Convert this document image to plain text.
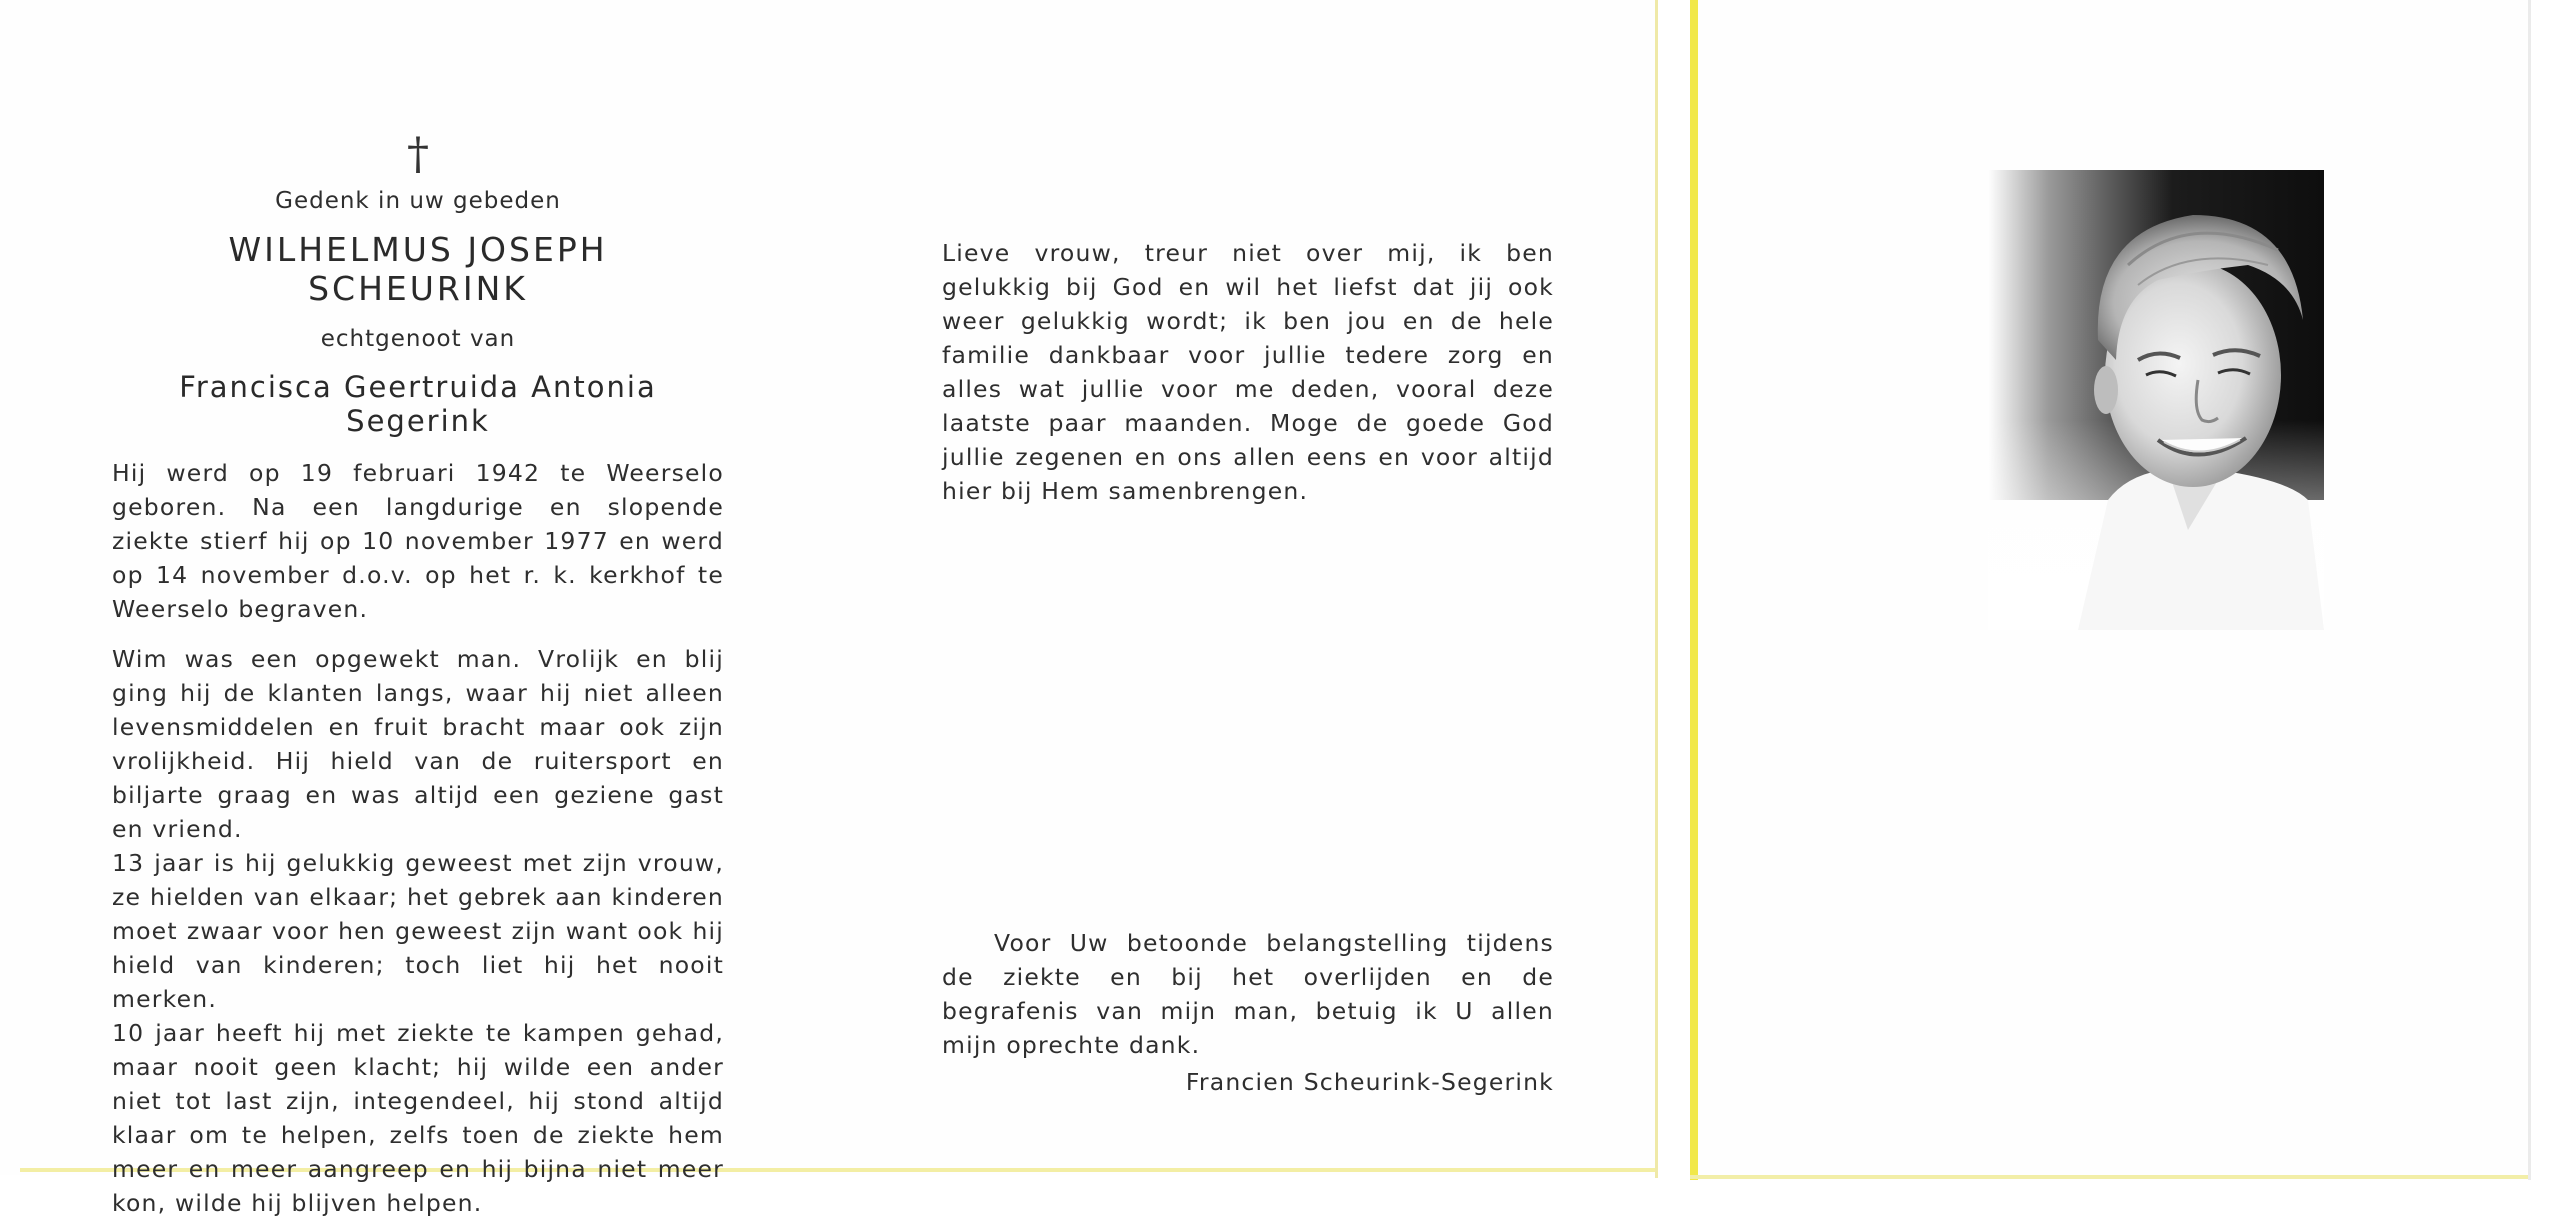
†
Gedenk in uw gebeden
WILHELMUS JOSEPH SCHEURINK
echtgenoot van
Francisca Geertruida Antonia Segerink

Hij werd op 19 februari 1942 te Weerselo geboren. Na een langdurige en slopende ziekte stierf hij op 10 november 1977 en werd op 14 november d.o.v. op het r. k. kerkhof te Weerselo begraven.

Wim was een opgewekt man. Vrolijk en blij ging hij de klanten langs, waar hij niet alleen levensmiddelen en fruit bracht maar ook zijn vrolijkheid. Hij hield van de ruitersport en biljarte graag en was altijd een geziene gast en vriend.

13 jaar is hij gelukkig geweest met zijn vrouw, ze hielden van elkaar; het gebrek aan kinderen moet zwaar voor hen geweest zijn want ook hij hield van kinderen; toch liet hij het nooit merken.

10 jaar heeft hij met ziekte te kampen gehad, maar nooit geen klacht; hij wilde een ander niet tot last zijn, integendeel, hij stond altijd klaar om te helpen, zelfs toen de ziekte hem meer en meer aangreep en hij bijna niet meer kon, wilde hij blijven helpen.

Lieve vrouw, treur niet over mij, ik ben gelukkig bij God en wil het liefst dat jij ook weer gelukkig wordt; ik ben jou en de hele familie dankbaar voor jullie tedere zorg en alles wat jullie voor me deden, vooral deze laatste paar maanden. Moge de goede God jullie zegenen en ons allen eens en voor altijd hier bij Hem samenbrengen.

Voor Uw betoonde belangstelling tijdens de ziekte en bij het overlijden en de begrafenis van mijn man, betuig ik U allen mijn oprechte dank.

Francien Scheurink-Segerink
